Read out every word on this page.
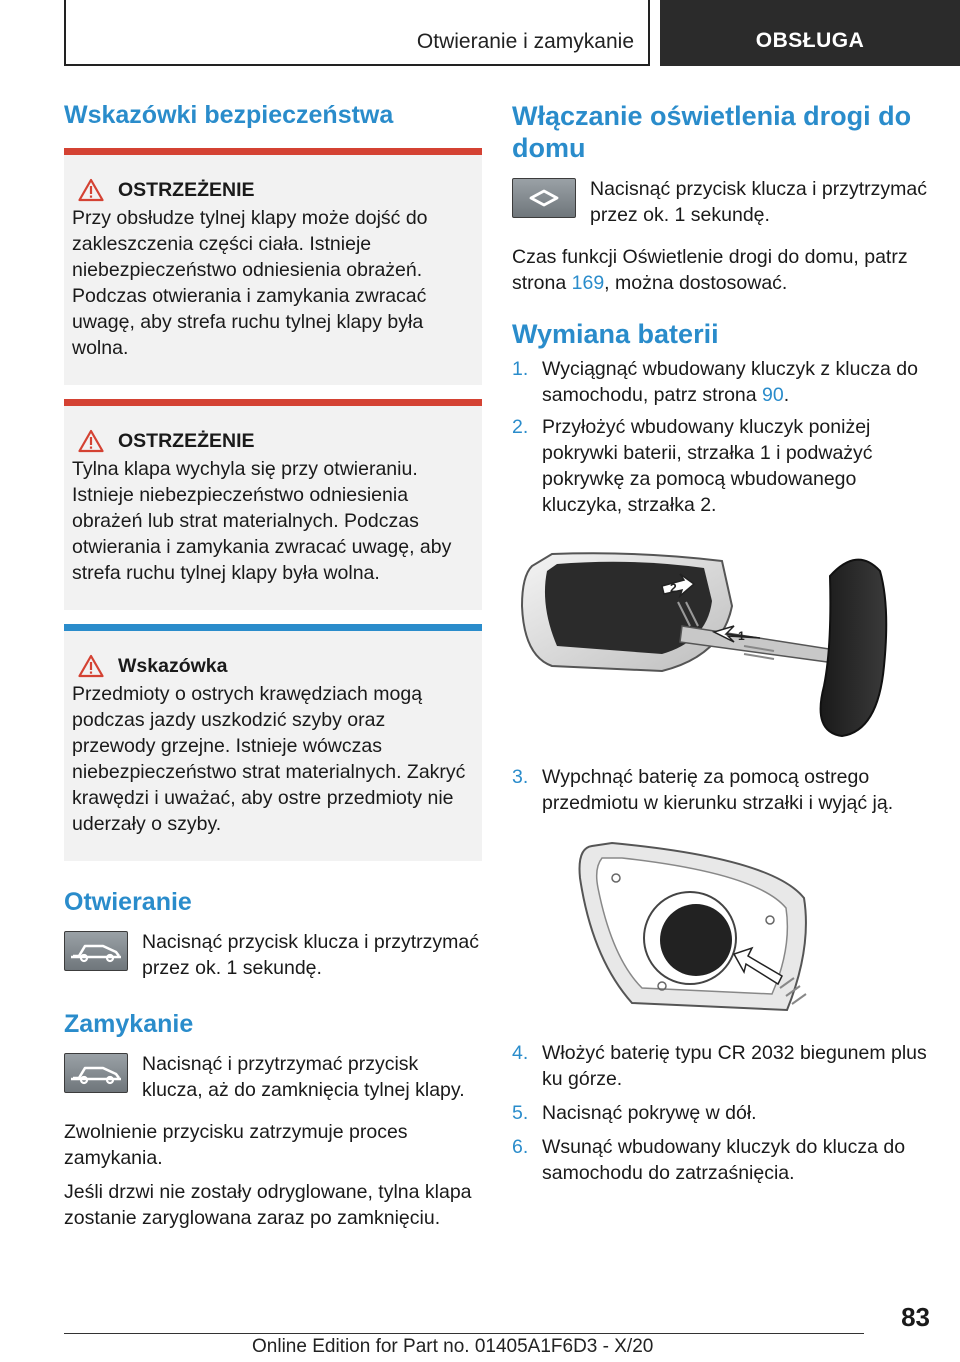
Otwieranie i zamykanie	OBSŁUGA
Wskazówki bezpieczeństwa
OSTRZEŻENIE

Przy obsłudze tylnej klapy może dojść do zakleszczenia części ciała. Istnieje niebezpieczeństwo odniesienia obrażeń. Podczas otwierania i zamykania zwracać uwagę, aby strefa ruchu tylnej klapy była wolna.

OSTRZEŻENIE

Tylna klapa wychyla się przy otwieraniu. Istnieje niebezpieczeństwo odniesienia obrażeń lub strat materialnych. Podczas otwierania i zamykania zwracać uwagę, aby strefa ruchu tylnej klapy była wolna.

Wskazówka

Przedmioty o ostrych krawędziach mogą podczas jazdy uszkodzić szyby oraz przewody grzejne. Istnieje wówczas niebezpieczeństwo strat materialnych. Zakryć krawędzi i uważać, aby ostre przedmioty nie uderzały o szyby.

Otwieranie

Nacisnąć przycisk klucza i przytrzymać przez ok. 1 sekundę.

Zamykanie

Nacisnąć i przytrzymać przycisk klucza, aż do zamknięcia tylnej klapy.

Zwolnienie przycisku zatrzymuje proces zamykania.

Jeśli drzwi nie zostały odryglowane, tylna klapa zostanie zaryglowana zaraz po zamknięciu.

Włączanie oświetlenia drogi do domu

Nacisnąć przycisk klucza i przytrzymać przez ok. 1 sekundę.

Czas funkcji Oświetlenie drogi do domu, patrz strona 169, można dostosować.

Wymiana baterii
1. Wyciągnąć wbudowany kluczyk z klucza do samochodu, patrz strona 90.
2. Przyłożyć wbudowany kluczyk poniżej pokrywki baterii, strzałka 1 i podważyć pokrywkę za pomocą wbudowanego kluczyka, strzałka 2.
1
2
3. Wypchnąć baterię za pomocą ostrego przedmiotu w kierunku strzałki i wyjąć ją.
4. Włożyć baterię typu CR 2032 biegunem plus ku górze.
5. Nacisnąć pokrywę w dół.
6. Wsunąć wbudowany kluczyk do klucza do samochodu do zatrzaśnięcia.
83
Online Edition for Part no. 01405A1F6D3 - X/20
